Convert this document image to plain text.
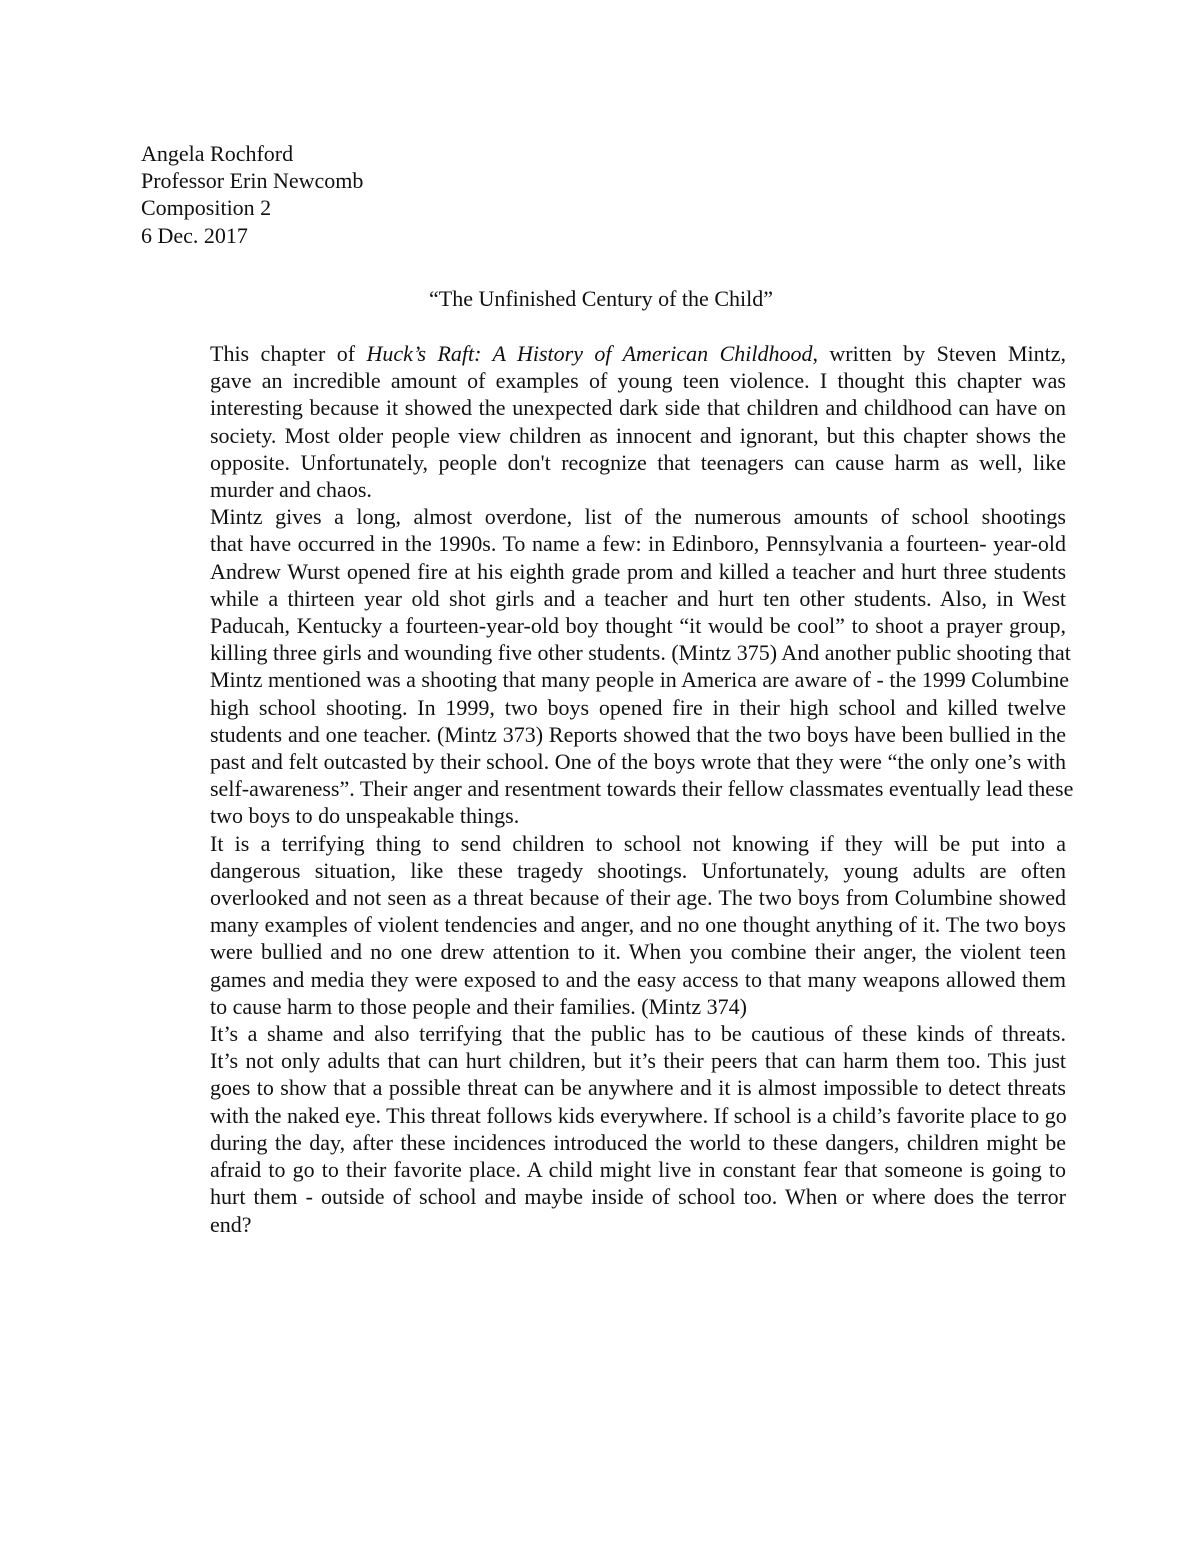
Angela Rochford
Professor Erin Newcomb
Composition 2
6 Dec. 2017
“The Unfinished Century of the Child”

This chapter of Huck’s Raft: A History of American Childhood, written by Steven Mintz,
gave an incredible amount of examples of young teen violence. I thought this chapter was
interesting because it showed the unexpected dark side that children and childhood can have on
society. Most older people view children as innocent and ignorant, but this chapter shows the
opposite. Unfortunately, people don't recognize that teenagers can cause harm as well, like
murder and chaos.

Mintz gives a long, almost overdone, list of the numerous amounts of school shootings
that have occurred in the 1990s. To name a few: in Edinboro, Pennsylvania a fourteen- year-old
Andrew Wurst opened fire at his eighth grade prom and killed a teacher and hurt three students
while a thirteen year old shot girls and a teacher and hurt ten other students. Also, in West
Paducah, Kentucky a fourteen-year-old boy thought “it would be cool” to shoot a prayer group,
killing three girls and wounding five other students. (Mintz 375) And another public shooting that
Mintz mentioned was a shooting that many people in America are aware of - the 1999 Columbine
high school shooting. In 1999, two boys opened fire in their high school and killed twelve
students and one teacher. (Mintz 373) Reports showed that the two boys have been bullied in the
past and felt outcasted by their school. One of the boys wrote that they were “the only one’s with
self-awareness”. Their anger and resentment towards their fellow classmates eventually lead these
two boys to do unspeakable things.

It is a terrifying thing to send children to school not knowing if they will be put into a
dangerous situation, like these tragedy shootings. Unfortunately, young adults are often
overlooked and not seen as a threat because of their age. The two boys from Columbine showed
many examples of violent tendencies and anger, and no one thought anything of it. The two boys
were bullied and no one drew attention to it. When you combine their anger, the violent teen
games and media they were exposed to and the easy access to that many weapons allowed them
to cause harm to those people and their families. (Mintz 374)

It’s a shame and also terrifying that the public has to be cautious of these kinds of threats.
It’s not only adults that can hurt children, but it’s their peers that can harm them too. This just
goes to show that a possible threat can be anywhere and it is almost impossible to detect threats
with the naked eye. This threat follows kids everywhere. If school is a child’s favorite place to go
during the day, after these incidences introduced the world to these dangers, children might be
afraid to go to their favorite place. A child might live in constant fear that someone is going to
hurt them - outside of school and maybe inside of school too. When or where does the terror
end?
